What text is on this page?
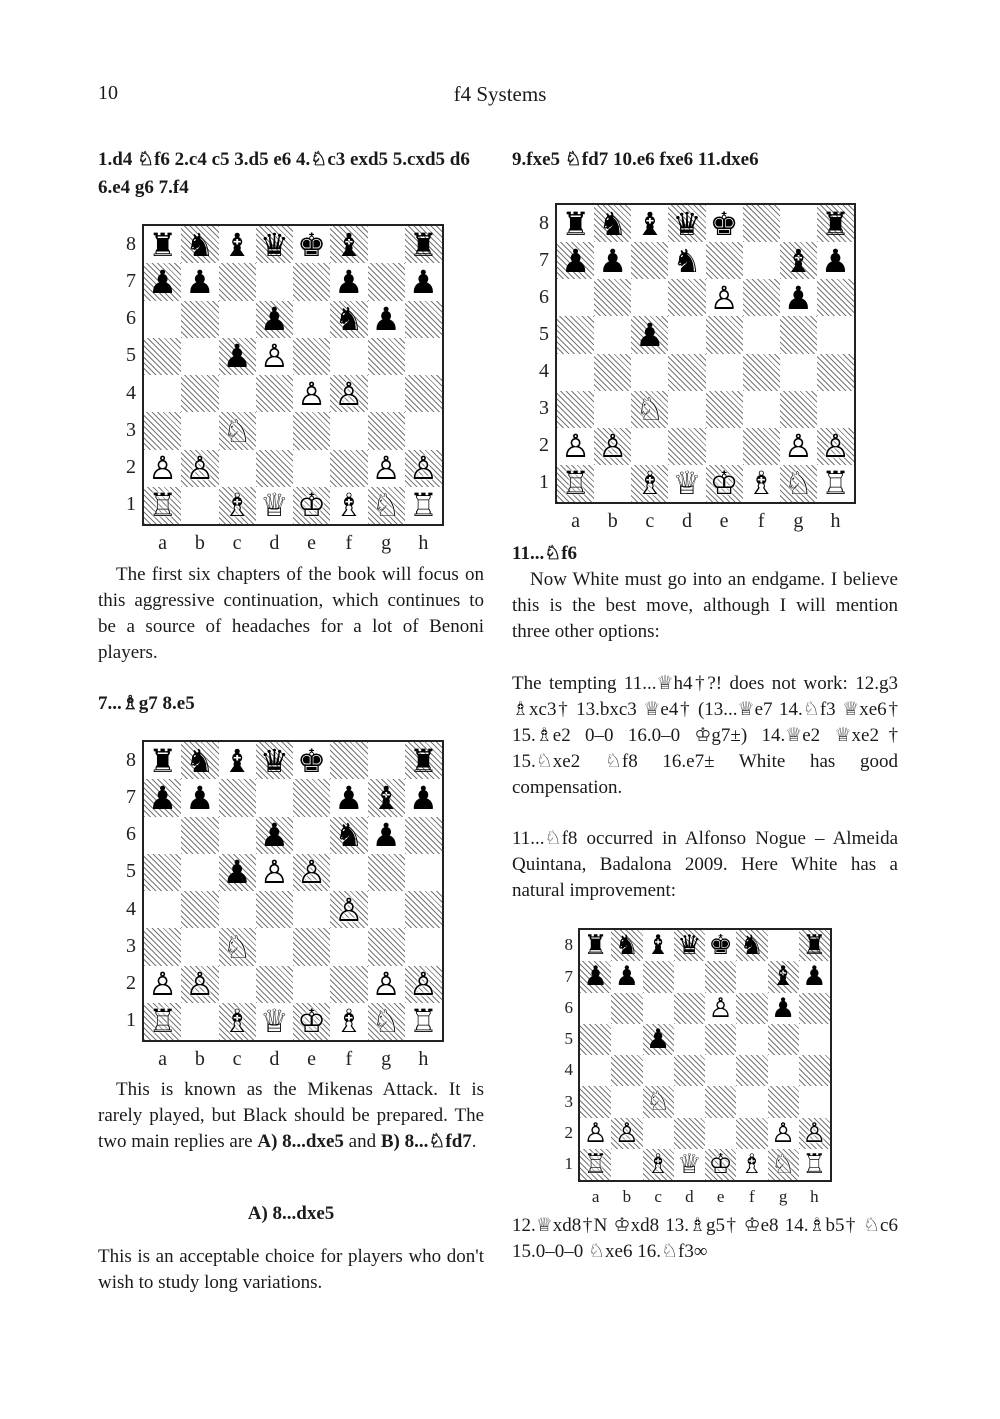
10	f4 Systems

1.d4 ♘f6 2.c4 c5 3.d5 e6 4.♘c3 exd5 5.cxd5 d6 6.e4 g6 7.f4

The first six chapters of the book will focus on this aggressive continuation, which continues to be a source of headaches for a lot of Benoni players.

7...♗g7 8.e5

This is known as the Mikenas Attack. It is rarely played, but Black should be prepared. The two main replies are A) 8...dxe5 and B) 8...♘fd7.

A) 8...dxe5

This is an acceptable choice for players who don't wish to study long variations.

9.fxe5 ♘fd7 10.e6 fxe6 11.dxe6

11...♘f6

Now White must go into an endgame. I believe this is the best move, although I will mention three other options:

The tempting 11...♕h4†?! does not work: 12.g3 ♗xc3† 13.bxc3 ♕e4† (13...♕e7 14.♘f3 ♕xe6† 15.♗e2 0–0 16.0–0 ♔g7±) 14.♕e2 ♕xe2† 15.♘xe2 ♘f8 16.e7± White has good compensation.

11...♘f8 occurred in Alfonso Nogue – Almeida Quintana, Badalona 2009. Here White has a natural improvement:

12.♕xd8†N ♔xd8 13.♗g5† ♔e8 14.♗b5† ♘c6 15.0–0–0 ♘xe6 16.♘f3∞

♜ ♞ ♝ ♛ ♚ ♝ ♜
♟ ♟	♟ ♟
♟ ♞ ♟
♟ ♙
♙ ♙
♘
♙ ♙	♙ ♙
♖ ♗ ♕ ♔ ♗ ♘ ♖
8
7
6
5
4
3
2
1
a	b	c	d	e	f	g	h
♜ ♞ ♝ ♛ ♚	♜
♟ ♟	♟ ♝ ♟
♟ ♞ ♟
♟ ♙ ♙
♙
♘
♙ ♙	♙ ♙
♖ ♗ ♕ ♔ ♗ ♘ ♖
8
7
6
5
4
3
2
1
a	b	c	d	e	f	g	h
♜ ♞ ♝ ♛ ♚	♜
♟ ♟ ♞	♝ ♟
♙ ♟
♟
♘
♙ ♙	♙ ♙
♖ ♗ ♕ ♔ ♗ ♘ ♖
8
7
6
5
4
3
2
1
a	b	c	d	e	f	g	h
♜ ♞ ♝ ♛ ♚ ♞ ♜
♟ ♟	♝ ♟
♙ ♟
♟
♘
♙ ♙	♙ ♙
♖ ♗ ♕ ♔ ♗ ♘ ♖
8
7
6
5
4
3
2
1
a	b	c	d	e	f	g	h
